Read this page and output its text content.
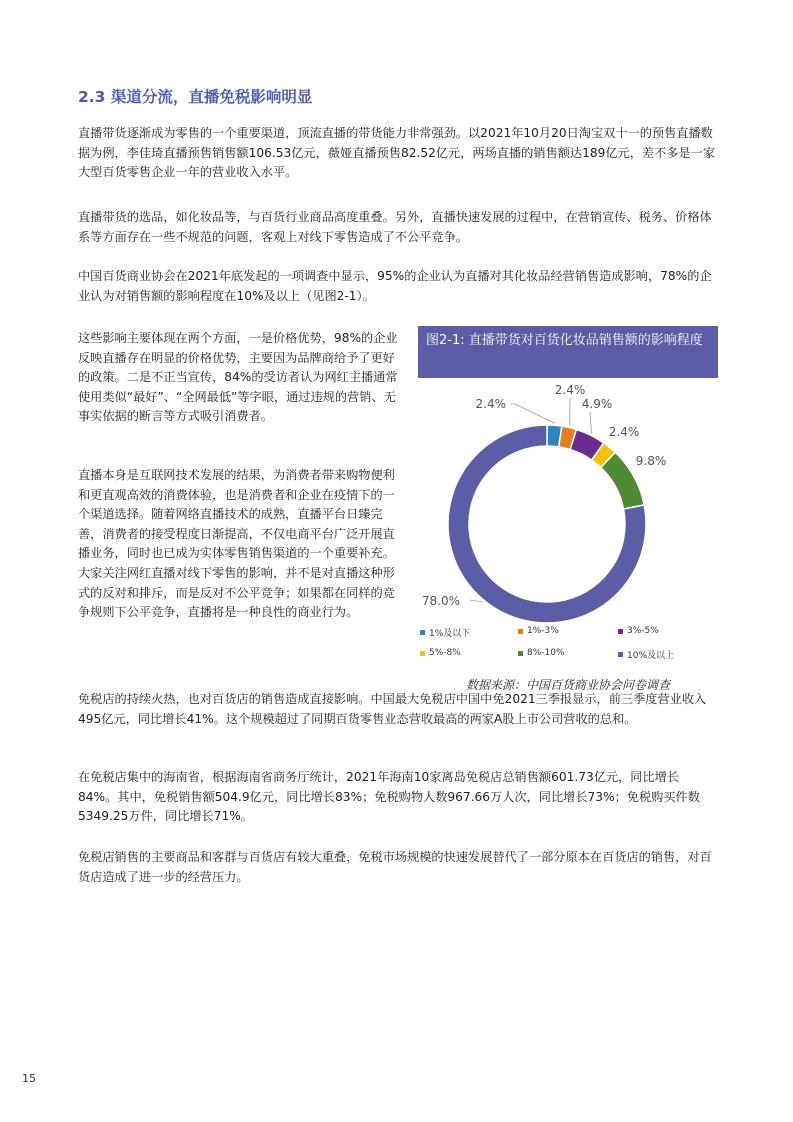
2.3 渠道分流，直播免税影响明显

直播带货逐渐成为零售的一个重要渠道，顶流直播的带货能力非常强劲。以2021年10月20日淘宝双十一的预售直播数据为例，李佳琦直播预售销售额106.53亿元，薇娅直播预售82.52亿元，两场直播的销售额达189亿元，差不多是一家大型百货零售企业一年的营业收入水平。

直播带货的选品，如化妆品等，与百货行业商品高度重叠。另外，直播快速发展的过程中，在营销宣传、税务、价格体系等方面存在一些不规范的问题，客观上对线下零售造成了不公平竞争。

中国百货商业协会在2021年底发起的一项调查中显示，95%的企业认为直播对其化妆品经营销售造成影响，78%的企业认为对销售额的影响程度在10%及以上（见图2-1）。

这些影响主要体现在两个方面，一是价格优势，98%的企业反映直播存在明显的价格优势，主要因为品牌商给予了更好的政策。二是不正当宣传，84%的受访者认为网红主播通常使用类似“最好”、“全网最低”等字眼，通过违规的营销、无事实依据的断言等方式吸引消费者。

直播本身是互联网技术发展的结果，为消费者带来购物便利和更直观高效的消费体验，也是消费者和企业在疫情下的一个渠道选择。随着网络直播技术的成熟，直播平台日臻完善，消费者的接受程度日渐提高，不仅电商平台广泛开展直播业务，同时也已成为实体零售销售渠道的一个重要补充。大家关注网红直播对线下零售的影响，并不是对直播这种形式的反对和排斥，而是反对不公平竞争；如果都在同样的竞争规则下公平竞争，直播将是一种良性的商业行为。

图2-1: 直播带货对百货化妆品销售额的影响程度
2.4%
2.4%
4.9%
2.4%
9.8%
78.0%
1%及以下	1%-3%	3%-5%
5%-8%	8%-10%	10%及以上
数据来源：中国百货商业协会问卷调查

免税店的持续火热，也对百货店的销售造成直接影响。中国最大免税店中国中免2021三季报显示，前三季度营业收入495亿元，同比增长41%。这个规模超过了同期百货零售业态营收最高的两家A股上市公司营收的总和。

在免税店集中的海南省，根据海南省商务厅统计，2021年海南10家离岛免税店总销售额601.73亿元，同比增长84%。其中，免税销售额504.9亿元，同比增长83%；免税购物人数967.66万人次，同比增长73%；免税购买件数5349.25万件，同比增长71%。

免税店销售的主要商品和客群与百货店有较大重叠，免税市场规模的快速发展替代了一部分原本在百货店的销售，对百货店造成了进一步的经营压力。

15
